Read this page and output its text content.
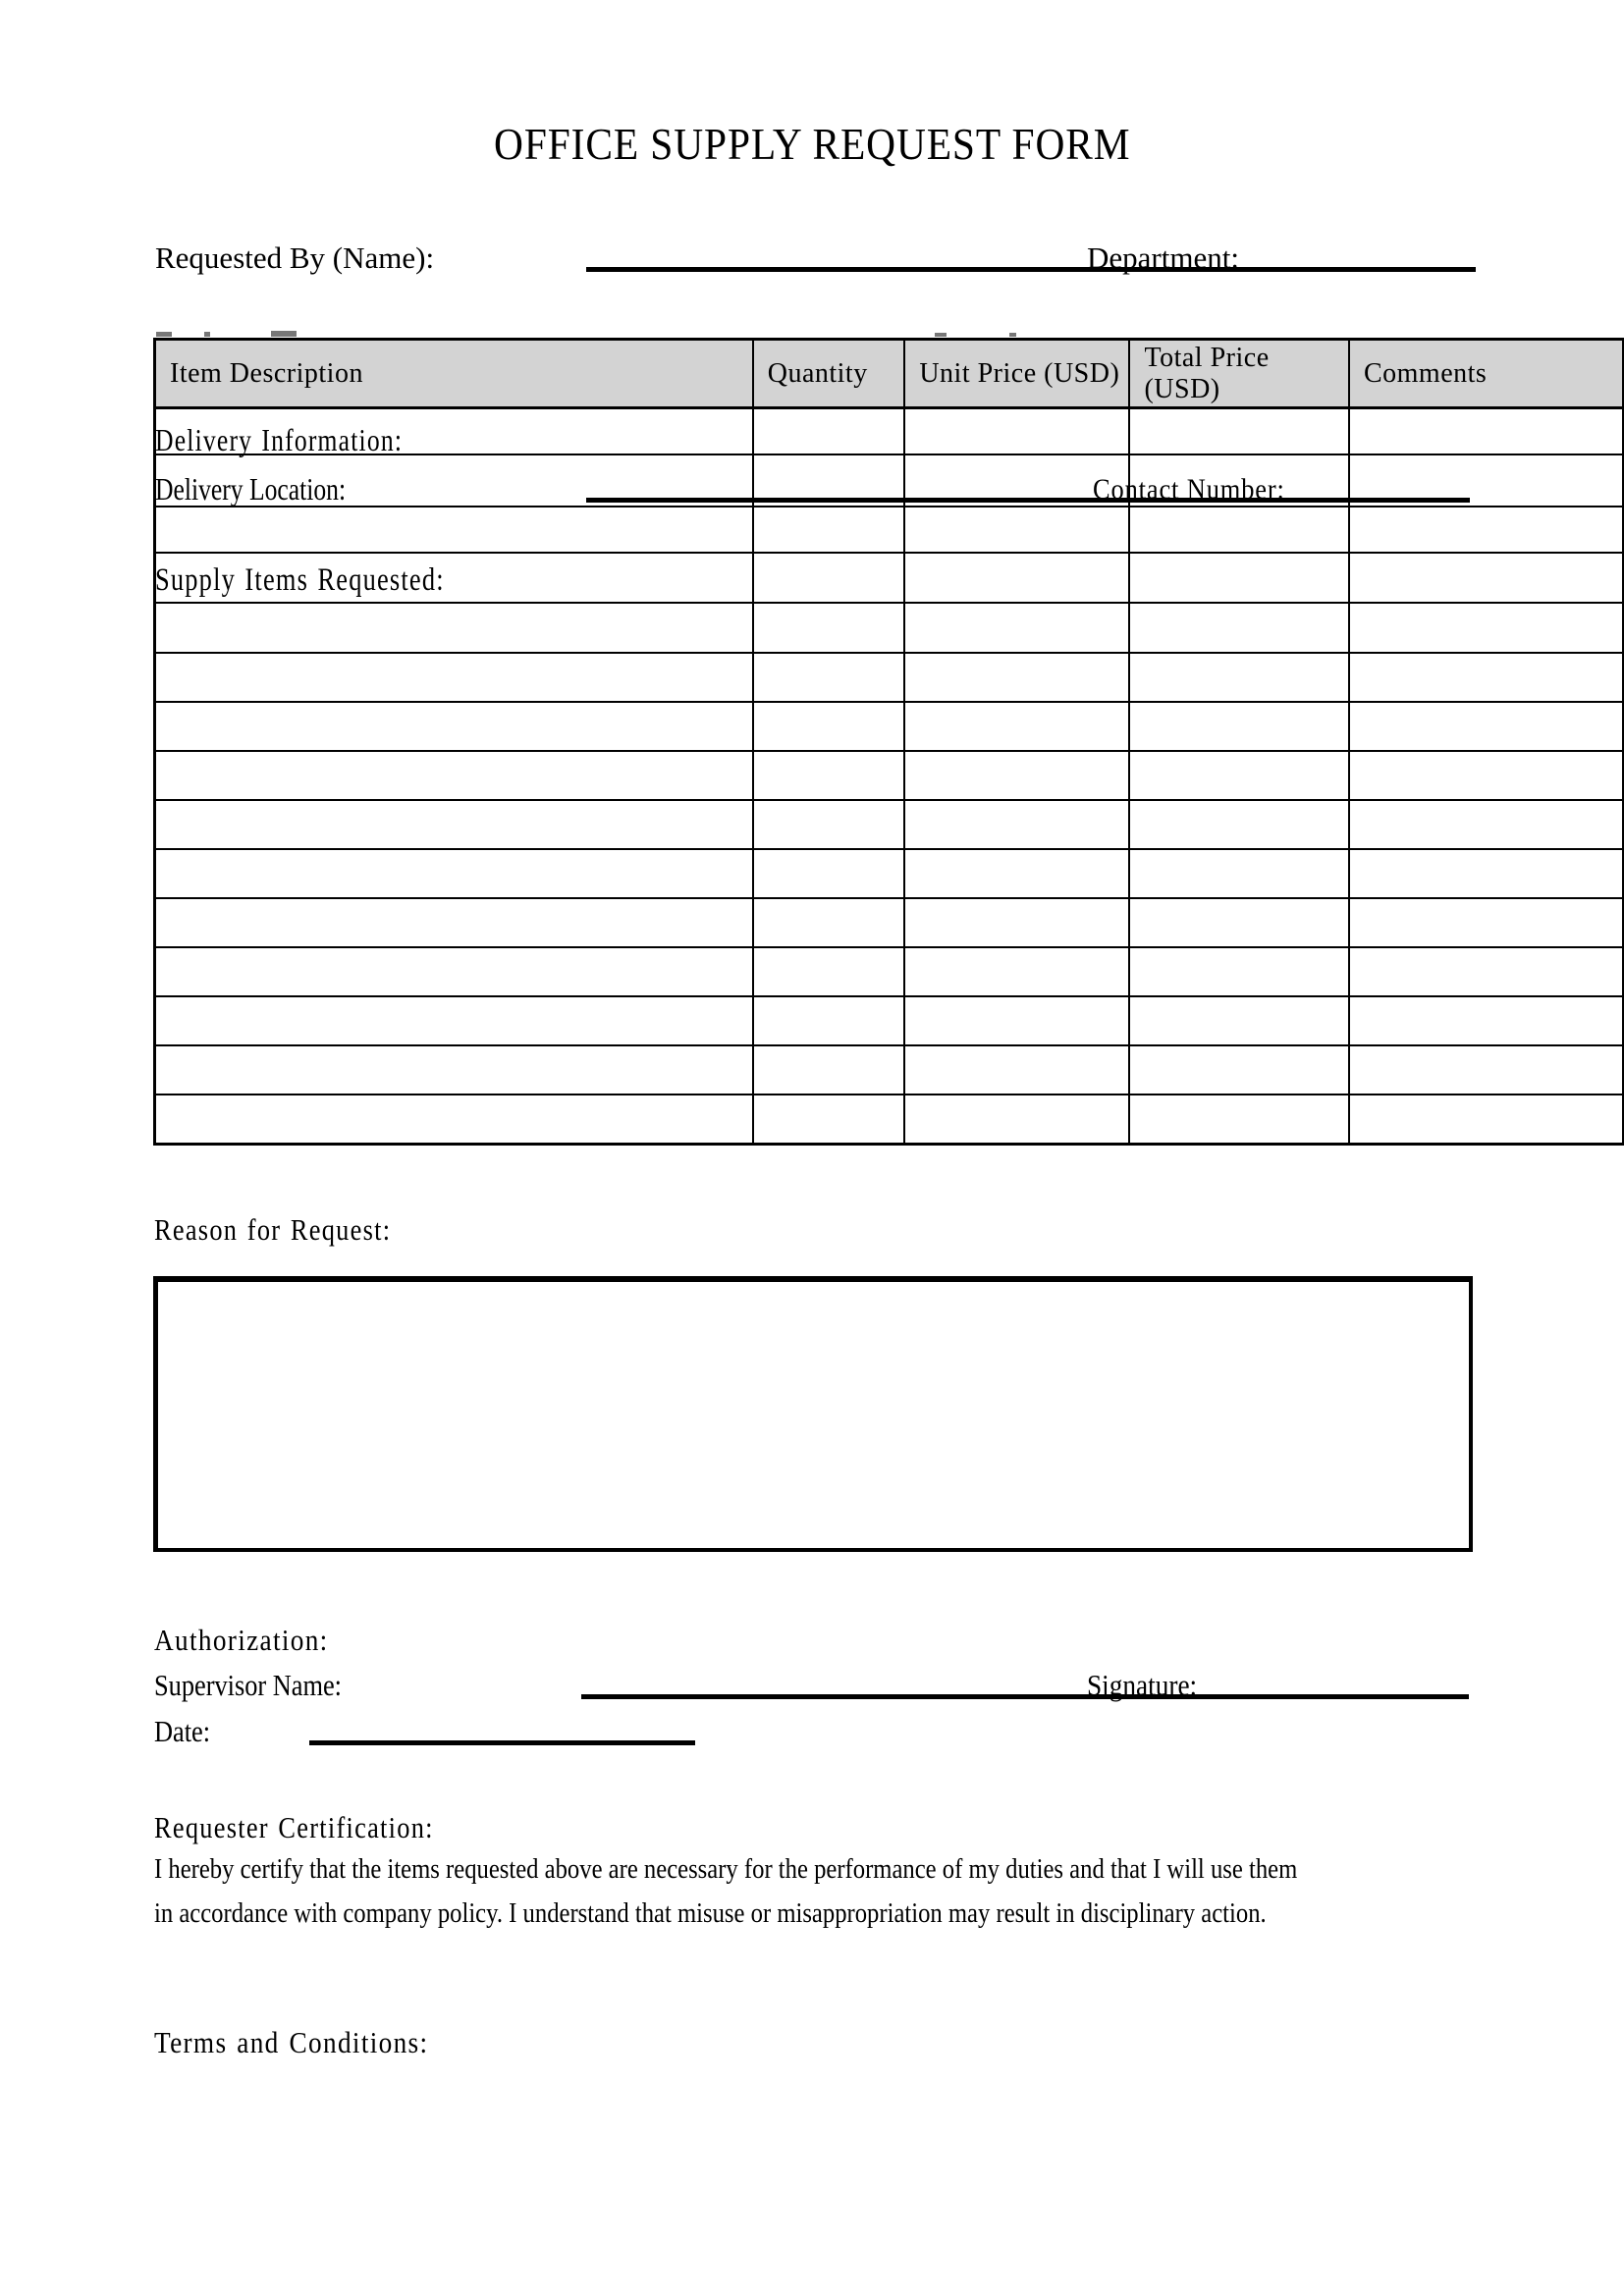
OFFICE SUPPLY REQUEST FORM
Requested By (Name):	Department:
Item Description	Quantity	Unit Price (USD)	Total Price (USD)	Comments

Delivery Information:
Delivery Location:	Contact Number:
Supply Items Requested:
Reason for Request:
Authorization:
Supervisor Name:	Signature:
Date:
Requester Certification:
I hereby certify that the items requested above are necessary for the performance of my duties and that I will use them
in accordance with company policy. I understand that misuse or misappropriation may result in disciplinary action.
Terms and Conditions:
